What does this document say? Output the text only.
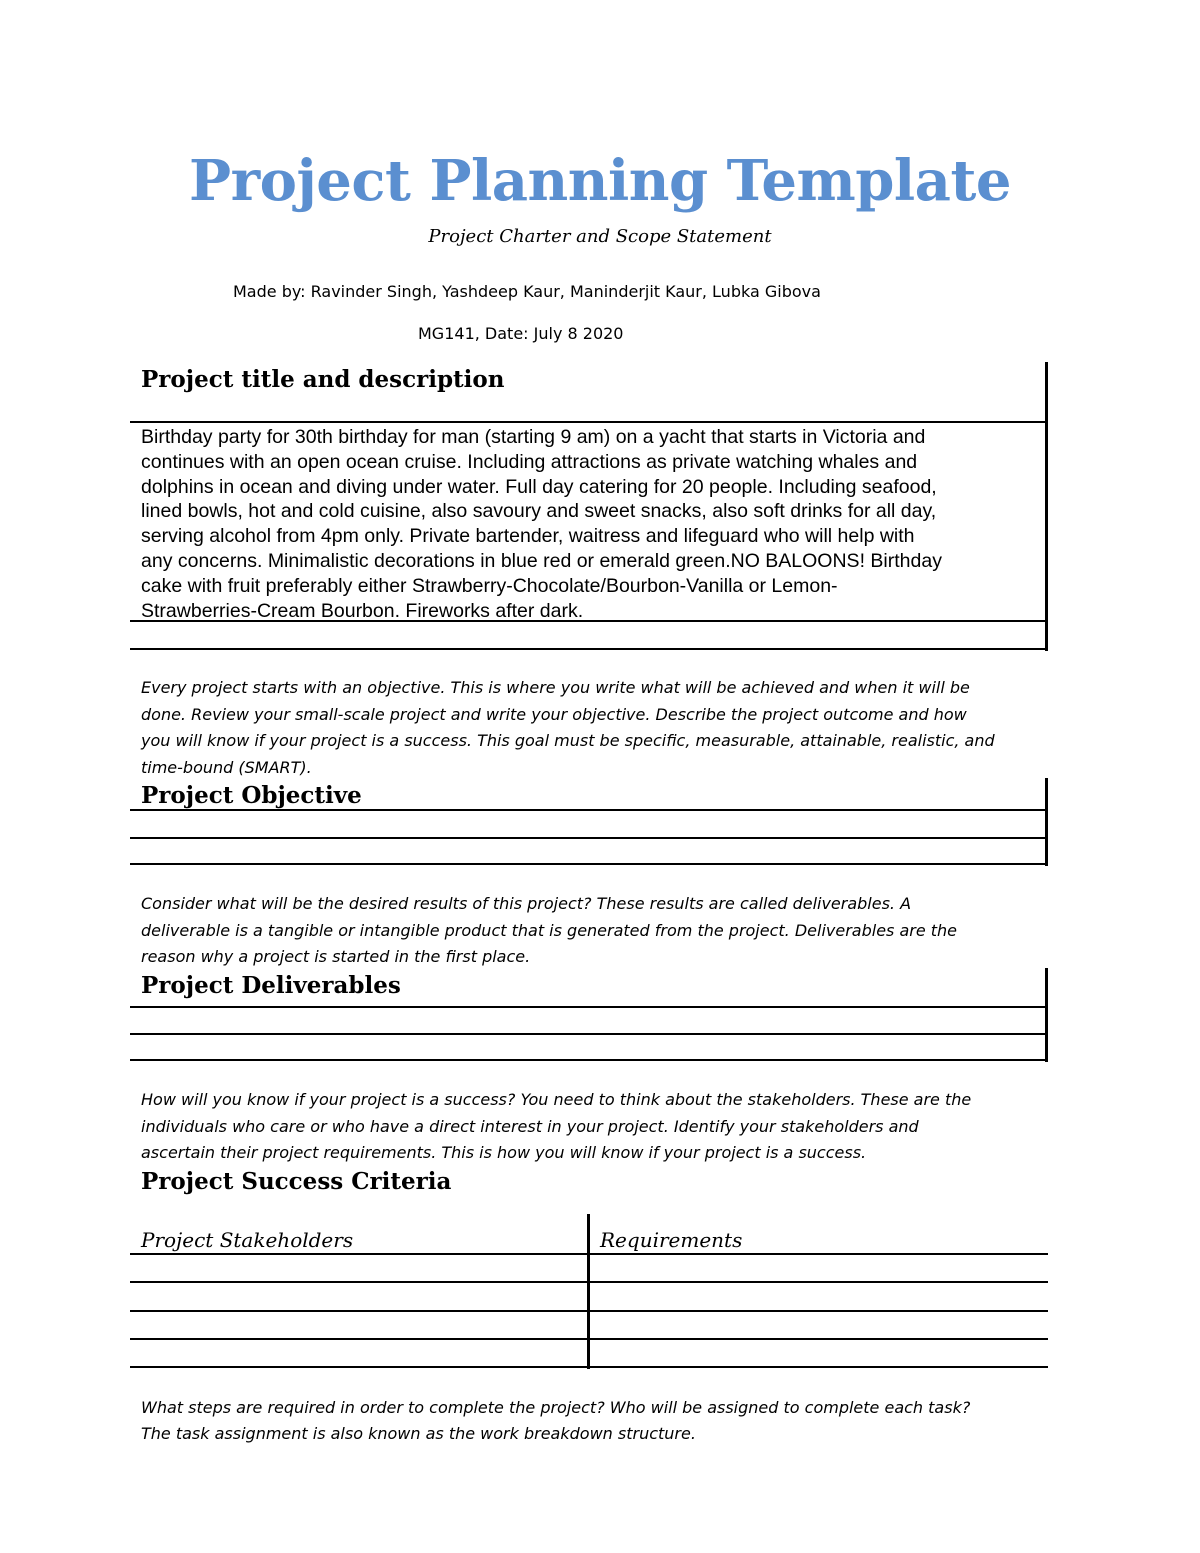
Project Planning Template
Project Charter and Scope Statement
Made by: Ravinder Singh, Yashdeep Kaur, Maninderjit Kaur, Lubka Gibova
MG141, Date: July 8 2020
Project title and description
Birthday party for 30th birthday for man (starting 9 am) on a yacht that starts in Victoria and
continues with an open ocean cruise. Including attractions as private watching whales and
dolphins in ocean and diving under water. Full day catering for 20 people. Including seafood,
lined bowls, hot and cold cuisine, also savoury and sweet snacks, also soft drinks for all day,
serving alcohol from 4pm only. Private bartender, waitress and lifeguard who will help with
any concerns. Minimalistic decorations in blue red or emerald green.NO BALOONS! Birthday
cake with fruit preferably either Strawberry-Chocolate/Bourbon-Vanilla or Lemon-
Strawberries-Cream Bourbon. Fireworks after dark.
Every project starts with an objective. This is where you write what will be achieved and when it will be
done. Review your small-scale project and write your objective. Describe the project outcome and how
you will know if your project is a success. This goal must be specific, measurable, attainable, realistic, and
time-bound (SMART).
Project Objective
Consider what will be the desired results of this project? These results are called deliverables. A
deliverable is a tangible or intangible product that is generated from the project. Deliverables are the
reason why a project is started in the first place.
Project Deliverables
How will you know if your project is a success? You need to think about the stakeholders. These are the
individuals who care or who have a direct interest in your project. Identify your stakeholders and
ascertain their project requirements. This is how you will know if your project is a success.
Project Success Criteria
Project Stakeholders	Requirements
What steps are required in order to complete the project? Who will be assigned to complete each task?
The task assignment is also known as the work breakdown structure.
